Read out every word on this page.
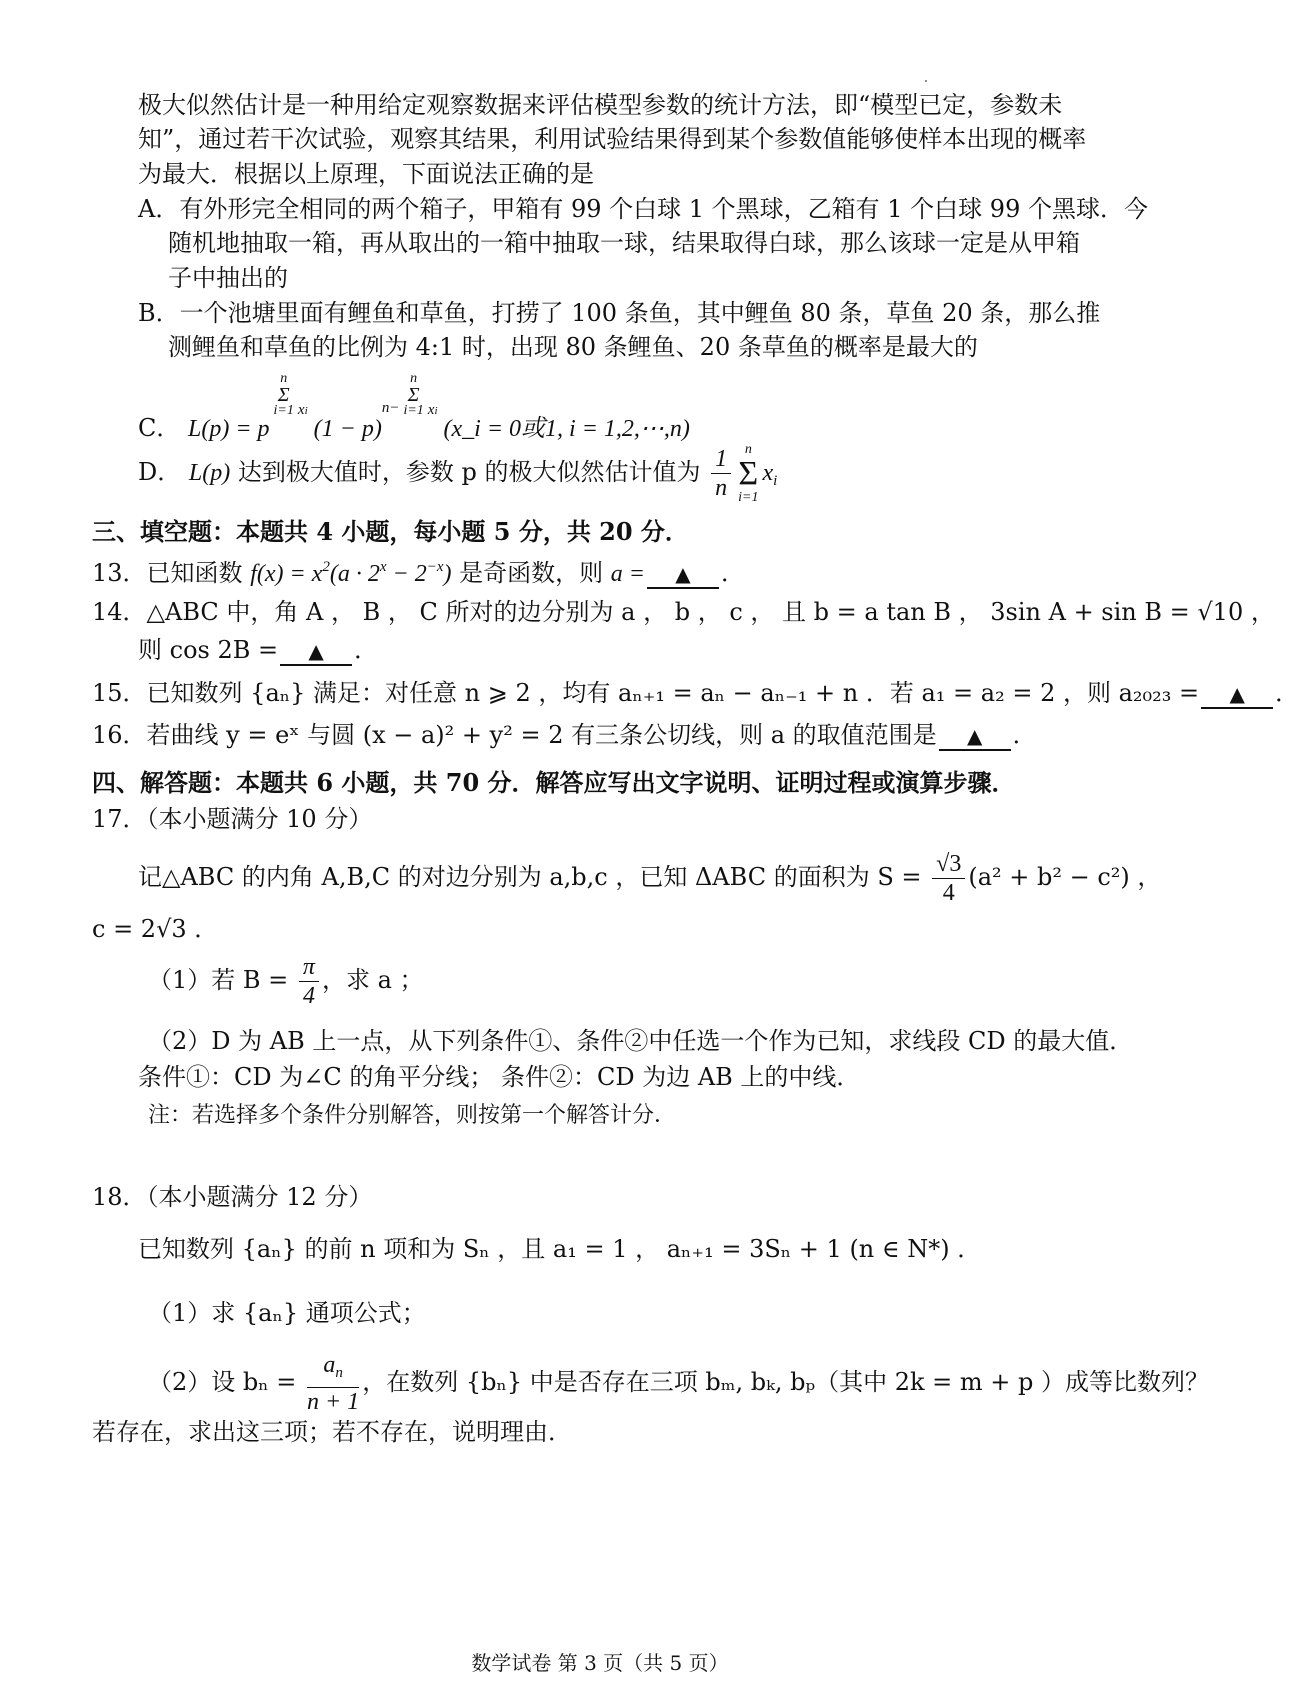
极大似然估计是一种用给定观察数据来评估模型参数的统计方法，即“模型已定，参数未
知”，通过若干次试验，观察其结果，利用试验结果得到某个参数值能够使样本出现的概率
为最大．根据以上原理，下面说法正确的是
A．有外形完全相同的两个箱子，甲箱有 99 个白球 1 个黑球，乙箱有 1 个白球 99 个黑球．今
随机地抽取一箱，再从取出的一箱中抽取一球，结果取得白球，那么该球一定是从甲箱
子中抽出的
B．一个池塘里面有鲤鱼和草鱼，打捞了 100 条鱼，其中鲤鱼 80 条，草鱼 20 条，那么推
测鲤鱼和草鱼的比例为 4:1 时，出现 80 条鲤鱼、20 条草鱼的概率是最大的
C． L(p) = p
n
Σ
i=1 $^{xi}$ $(1 - p)^{n-}$
n
Σ
i=1 $^{xi}$ (x_i = 0或1, i = 1,2,⋯,n)
D． L(p) 达到极大值时，参数 p 的极大似然估计值为 $\frac{1}{n}$ n
Σ
i=1
$x_i$
三、填空题：本题共 4 小题，每小题 5 分，共 20 分．
13．已知函数 $f(x) = x^2(a \cdot 2^x - 2^{-x})$ 是奇函数，则 a = ▲ ．
14．△ABC 中，角 A ， B ， C 所对的边分别为 a ， b ， c ， 且 b = a tan B ， 3sin A + sin B = √10 ，
则 cos 2B = ▲ ．
15．已知数列 {aₙ} 满足：对任意 n ⩾ 2 ，均有 aₙ₊₁ = aₙ − aₙ₋₁ + n ．若 a₁ = a₂ = 2 ，则 a₂₀₂₃ = ▲ ．
16．若曲线 y = eˣ 与圆 (x − a)² + y² = 2 有三条公切线，则 a 的取值范围是 ▲ ．
四、解答题：本题共 6 小题，共 70 分．解答应写出文字说明、证明过程或演算步骤．
17．（本小题满分 10 分）
记△ABC 的内角 A,B,C 的对边分别为 a,b,c ，已知 ΔABC 的面积为 $S = \frac{√3}{4} (a^2 + b^2 - c^2)$ ，
c = 2√3 ．
（1）若 $B = \frac{\pi}{4}$ ，求 a ；
（2）D 为 AB 上一点，从下列条件①、条件②中任选一个作为已知，求线段 CD 的最大值．
条件①：CD 为∠C 的角平分线； 条件②：CD 为边 AB 上的中线．
注：若选择多个条件分别解答，则按第一个解答计分．
18．（本小题满分 12 分）
已知数列 {aₙ} 的前 n 项和为 Sₙ ，且 a₁ = 1 ， aₙ₊₁ = 3Sₙ + 1 (n ∈ N*) ．
（1）求 {aₙ} 通项公式；
（2）设 $b_n = \frac{a_n}{n + 1}$ ，在数列 {bₙ} 中是否存在三项 bₘ, bₖ, bₚ（其中 2k = m + p ）成等比数列？
若存在，求出这三项；若不存在，说明理由．
数学试卷 第 3 页（共 5 页）
